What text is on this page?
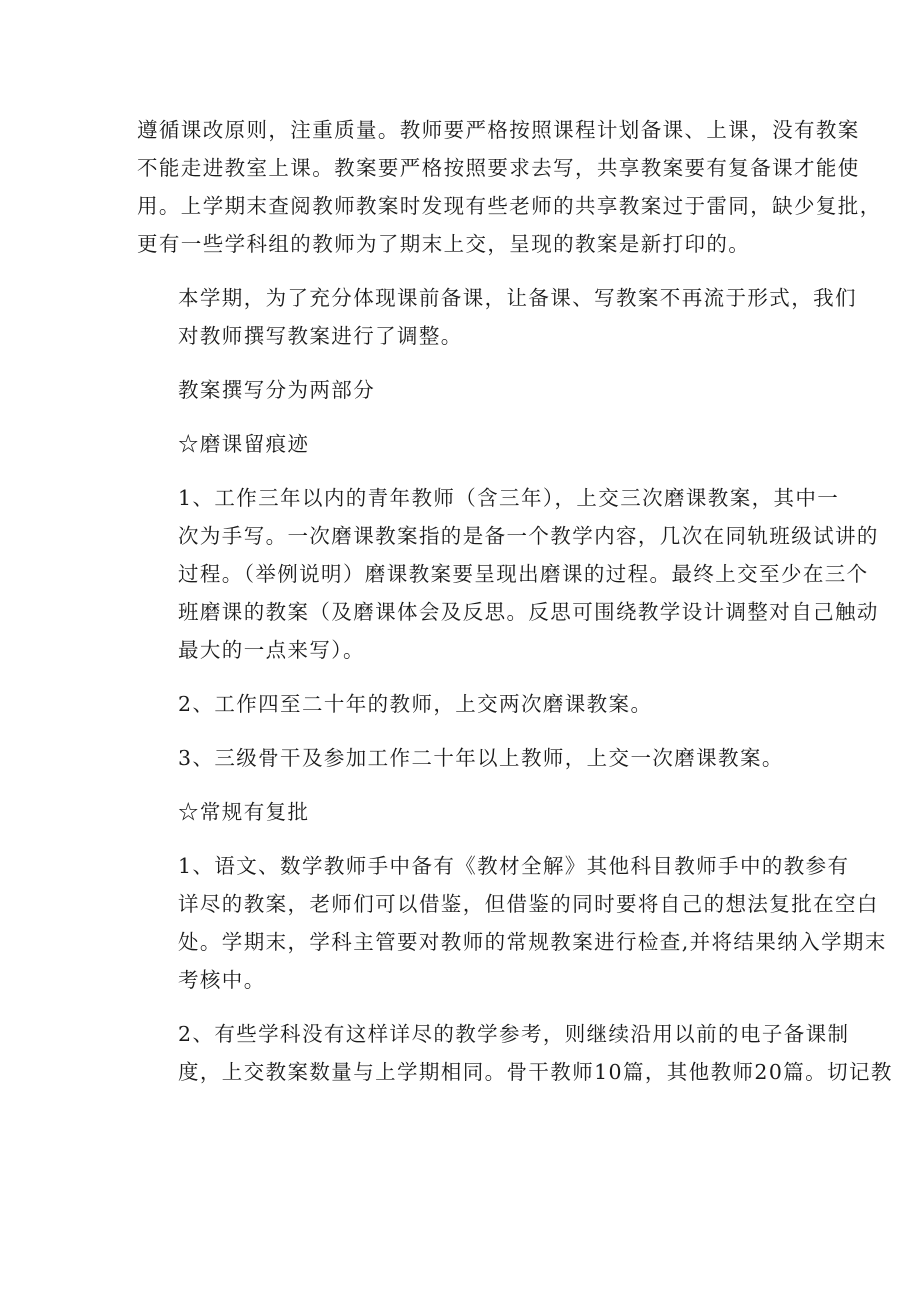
遵循课改原则，注重质量。教师要严格按照课程计划备课、上课，没有教案
不能走进教室上课。教案要严格按照要求去写，共享教案要有复备课才能使
用。上学期末查阅教师教案时发现有些老师的共享教案过于雷同，缺少复批，
更有一些学科组的教师为了期末上交，呈现的教案是新打印的。

本学期，为了充分体现课前备课，让备课、写教案不再流于形式，我们
对教师撰写教案进行了调整。

教案撰写分为两部分

☆磨课留痕迹

1、工作三年以内的青年教师（含三年），上交三次磨课教案，其中一
次为手写。一次磨课教案指的是备一个教学内容，几次在同轨班级试讲的
过程。（举例说明）磨课教案要呈现出磨课的过程。最终上交至少在三个
班磨课的教案（及磨课体会及反思。反思可围绕教学设计调整对自己触动
最大的一点来写）。

2、工作四至二十年的教师，上交两次磨课教案。

3、三级骨干及参加工作二十年以上教师，上交一次磨课教案。

☆常规有复批

1、语文、数学教师手中备有《教材全解》其他科目教师手中的教参有
详尽的教案，老师们可以借鉴，但借鉴的同时要将自己的想法复批在空白
处。学期末，学科主管要对教师的常规教案进行检查,并将结果纳入学期末
考核中。

2、有些学科没有这样详尽的教学参考，则继续沿用以前的电子备课制
度，上交教案数量与上学期相同。骨干教师10篇，其他教师20篇。切记教
